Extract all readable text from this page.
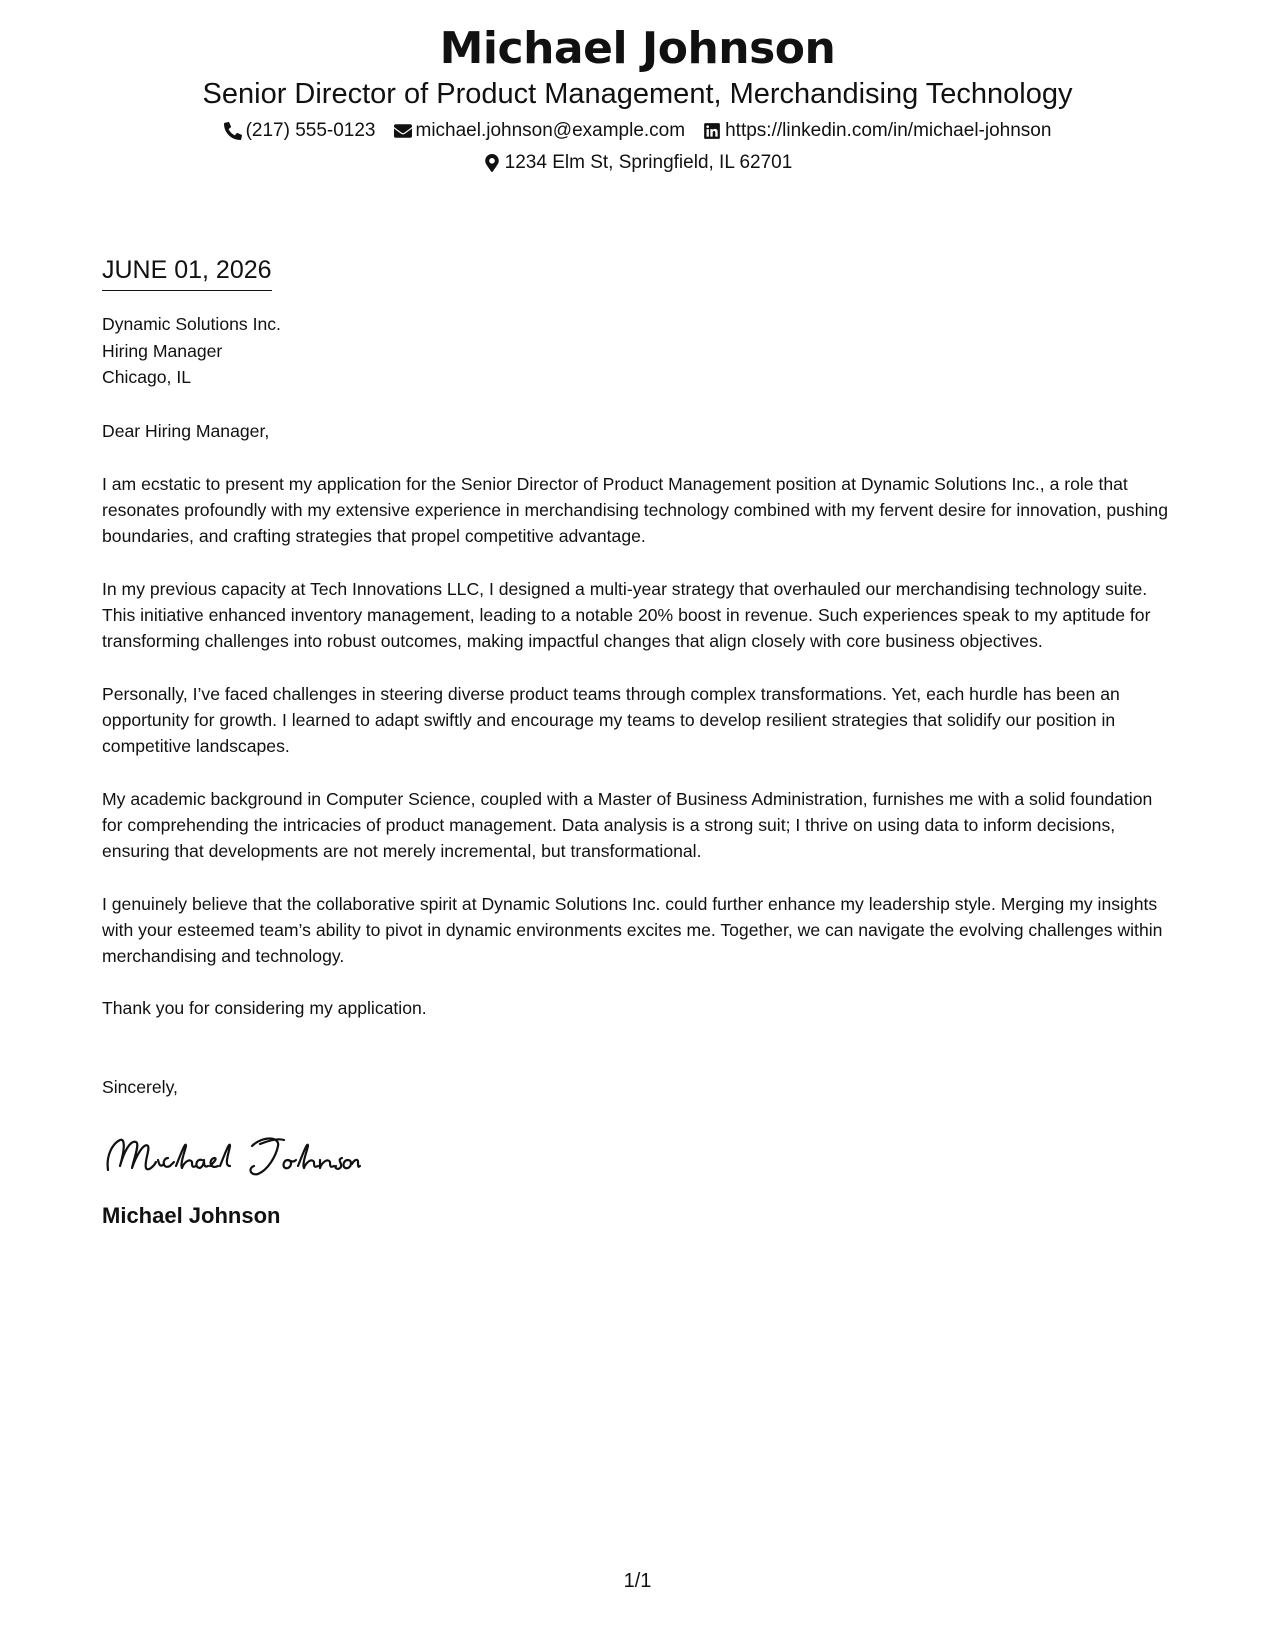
Michael Johnson
Senior Director of Product Management, Merchandising Technology
(217) 555-0123 michael.johnson@example.com https://linkedin.com/in/michael-johnson
1234 Elm St, Springfield, IL 62701
JUNE 01, 2026
Dynamic Solutions Inc.
Hiring Manager
Chicago, IL
Dear Hiring Manager,

I am ecstatic to present my application for the Senior Director of Product Management position at Dynamic Solutions Inc., a role that resonates profoundly with my extensive experience in merchandising technology combined with my fervent desire for innovation, pushing boundaries, and crafting strategies that propel competitive advantage.

In my previous capacity at Tech Innovations LLC, I designed a multi-year strategy that overhauled our merchandising technology suite. This initiative enhanced inventory management, leading to a notable 20% boost in revenue. Such experiences speak to my aptitude for transforming challenges into robust outcomes, making impactful changes that align closely with core business objectives.

Personally, I’ve faced challenges in steering diverse product teams through complex transformations. Yet, each hurdle has been an opportunity for growth. I learned to adapt swiftly and encourage my teams to develop resilient strategies that solidify our position in competitive landscapes.

My academic background in Computer Science, coupled with a Master of Business Administration, furnishes me with a solid foundation for comprehending the intricacies of product management. Data analysis is a strong suit; I thrive on using data to inform decisions, ensuring that developments are not merely incremental, but transformational.

I genuinely believe that the collaborative spirit at Dynamic Solutions Inc. could further enhance my leadership style. Merging my insights with your esteemed team’s ability to pivot in dynamic environments excites me. Together, we can navigate the evolving challenges within merchandising and technology.

Thank you for considering my application.
Sincerely,
Michael Johnson
1/1
